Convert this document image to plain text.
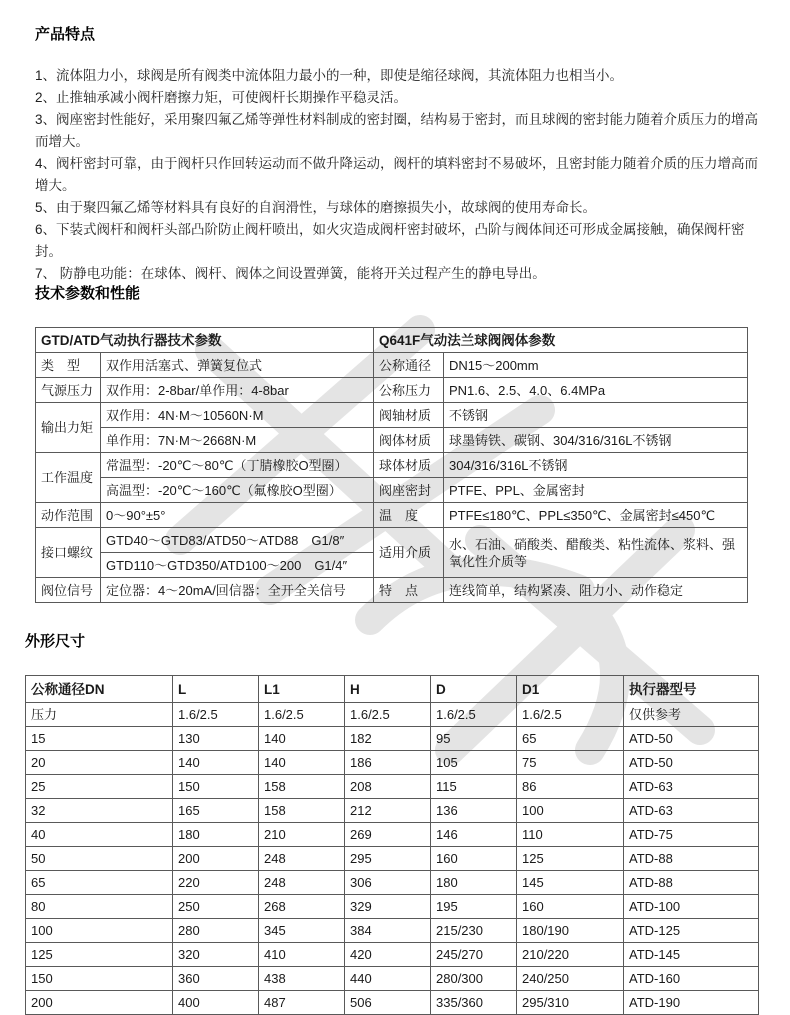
产品特点

1、流体阻力小，球阀是所有阀类中流体阻力最小的一种，即使是缩径球阀，其流体阻力也相当小。

2、止推轴承减小阀杆磨擦力矩，可使阀杆长期操作平稳灵活。

3、阀座密封性能好，采用聚四氟乙烯等弹性材料制成的密封圈，结构易于密封，而且球阀的密封能力随着介质压力的增高而增大。

4、阀杆密封可靠，由于阀杆只作回转运动而不做升降运动，阀杆的填料密封不易破坏，且密封能力随着介质的压力增高而增大。

5、由于聚四氟乙烯等材料具有良好的自润滑性，与球体的磨擦损失小，故球阀的使用寿命长。

6、下装式阀杆和阀杆头部凸阶防止阀杆喷出，如火灾造成阀杆密封破坏，凸阶与阀体间还可形成金属接触，确保阀杆密封。

7、 防静电功能：在球体、阀杆、阀体之间设置弹簧，能将开关过程产生的静电导出。

技术参数和性能
GTD/ATD气动执行器技术参数		Q641F气动法兰球阀阀体参数	
类　型	双作用活塞式、弹簧复位式	公称通径	DN15～200mm
气源压力	双作用：2-8bar/单作用：4-8bar	公称压力	PN1.6、2.5、4.0、6.4MPa
输出力矩	双作用：4N·M～10560N·M	阀轴材质	不锈钢
	单作用：7N·M～2668N·M	阀体材质	球墨铸铁、碳钢、304/316/316L不锈钢
工作温度	常温型：-20℃～80℃（丁腈橡胶O型圈）	球体材质	304/316/316L不锈钢
	高温型：-20℃～160℃（氟橡胶O型圈）	阀座密封	PTFE、PPL、金属密封
动作范围	0～90°±5°	温　度	PTFE≤180℃、PPL≤350℃、金属密封≤450℃
接口螺纹	GTD40～GTD83/ATD50～ATD88　G1/8″	适用介质	水、石油、硝酸类、醋酸类、粘性流体、浆料、强氧化性介质等
	GTD110～GTD350/ATD100～200　G1/4″		
阀位信号	定位器：4～20mA/回信器：全开全关信号	特　点	连线简单，结构紧凑、阻力小、动作稳定
外形尺寸
公称通径DN	L	L1	H	D	D1	执行器型号
压力	1.6/2.5	1.6/2.5	1.6/2.5	1.6/2.5	1.6/2.5	仅供参考
15	130	140	182	95	65	ATD-50
20	140	140	186	105	75	ATD-50
25	150	158	208	115	86	ATD-63
32	165	158	212	136	100	ATD-63
40	180	210	269	146	110	ATD-75
50	200	248	295	160	125	ATD-88
65	220	248	306	180	145	ATD-88
80	250	268	329	195	160	ATD-100
100	280	345	384	215/230	180/190	ATD-125
125	320	410	420	245/270	210/220	ATD-145
150	360	438	440	280/300	240/250	ATD-160
200	400	487	506	335/360	295/310	ATD-190
